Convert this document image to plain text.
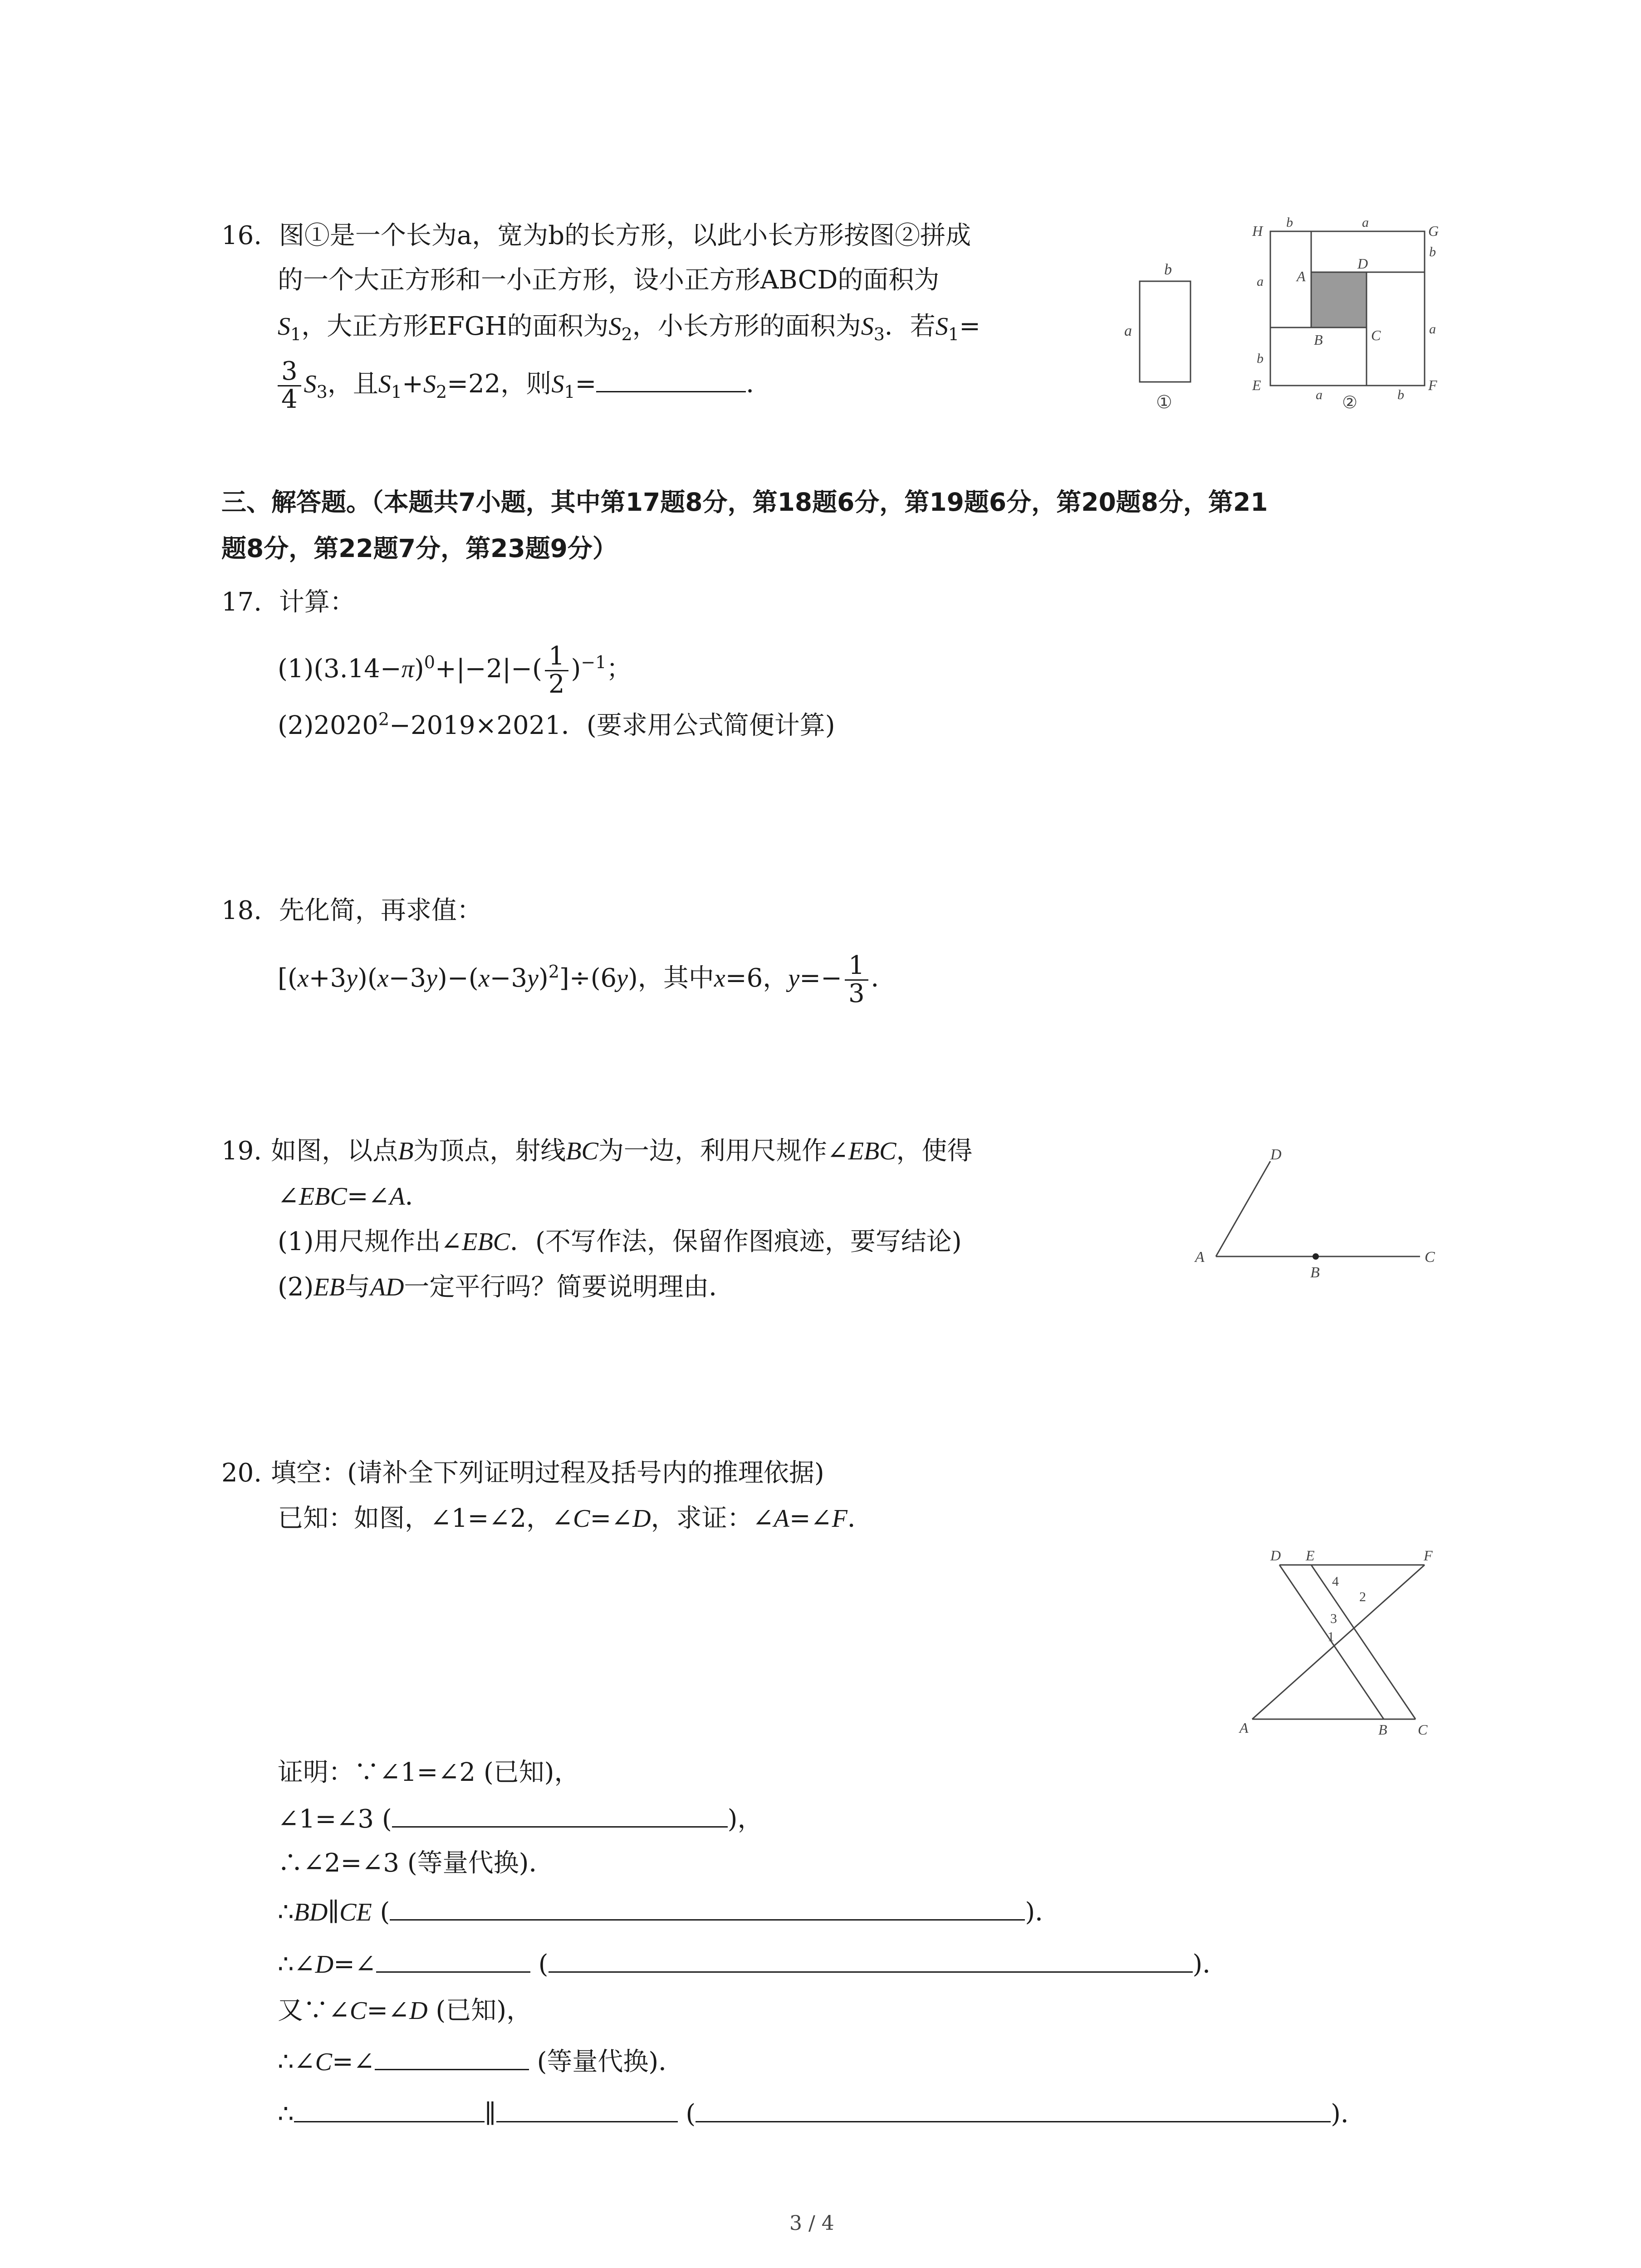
16. 图①是一个长为a，宽为b的长方形，以此小长方形按图②拼成
的一个大正方形和一小正方形，设小正方形ABCD的面积为
$S_1$，大正方形EFGH的面积为$S_2$，小长方形的面积为$S_3$．若$S_1=$
$\frac{3}{4} S_3$，且$S_1+S_2=22$，则$S_1=$	．
b
a
①
H	G
E	F
A
D
B	C
b	a
b
a
a
b
a	b
②
三、解答题。（本题共7小题，其中第17题8分，第18题6分，第19题6分，第20题8分，第21
题8分，第22题7分，第23题9分）
17. 计算：
$(1)(3.14-\pi)^0+|-2|-( \frac{1}{2} )^{-1}$；
$(2)2020^2-2019\times 2021$．(要求用公式简便计算)
18. 先化简，再求值：
$[(x+3y)(x-3y)-(x-3y)^2]\div(6y)$，其中x=6，$y=- \frac{1}{3}$ ．
19. 如图，以点B为顶点，射线BC为一边，利用尺规作∠EBC，使得
∠EBC=∠A．
(1)用尺规作出∠EBC．(不写作法，保留作图痕迹，要写结论)
(2)EB与AD一定平行吗？简要说明理由．
A
B
C
D
20. 填空：(请补全下列证明过程及括号内的推理依据)
已知：如图，∠1=∠2，∠C=∠D，求证：∠A=∠F．
D E	F
A	B C
1
2
3
4
证明：∵∠1=∠2 (已知)，
∠1=∠3 (	)，
∴∠2=∠3 (等量代换)．
∴BD∥CE (	)．
∴∠D=∠	(	)．
又∵∠C=∠D (已知)，
∴∠C=∠	(等量代换)．
∴	∥	(	)．
3 / 4
